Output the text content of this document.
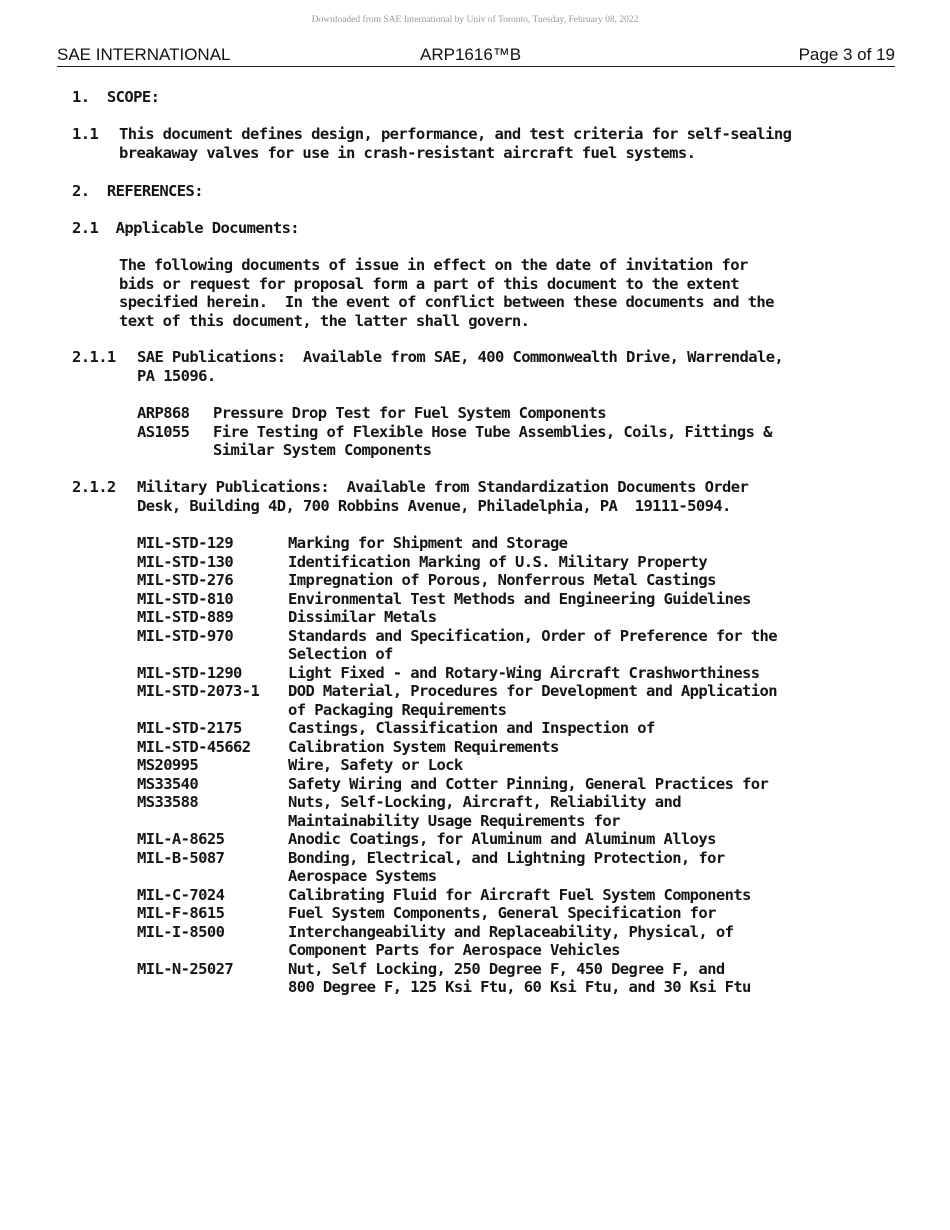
Downloaded from SAE International by Univ of Toronto, Tuesday, February 08, 2022
SAE INTERNATIONAL	ARP1616™B	Page 3 of 19
1.  SCOPE:
1.1 This document defines design, performance, and test criteria for self-sealing
breakaway valves for use in crash-resistant aircraft fuel systems.
2.  REFERENCES:
2.1  Applicable Documents:
The following documents of issue in effect on the date of invitation for
bids or request for proposal form a part of this document to the extent
specified herein.  In the event of conflict between these documents and the
text of this document, the latter shall govern.
2.1.1 SAE Publications:  Available from SAE, 400 Commonwealth Drive, Warrendale,
PA 15096.
ARP868 Pressure Drop Test for Fuel System Components
AS1055 Fire Testing of Flexible Hose Tube Assemblies, Coils, Fittings &
Similar System Components
2.1.2 Military Publications:  Available from Standardization Documents Order
Desk, Building 4D, 700 Robbins Avenue, Philadelphia, PA  19111-5094.
MIL-STD-129	Marking for Shipment and Storage
MIL-STD-130	Identification Marking of U.S. Military Property
MIL-STD-276	Impregnation of Porous, Nonferrous Metal Castings
MIL-STD-810	Environmental Test Methods and Engineering Guidelines
MIL-STD-889	Dissimilar Metals
MIL-STD-970	Standards and Specification, Order of Preference for the
Selection of
MIL-STD-1290	Light Fixed - and Rotary-Wing Aircraft Crashworthiness
MIL-STD-2073-1 DOD Material, Procedures for Development and Application
of Packaging Requirements
MIL-STD-2175	Castings, Classification and Inspection of
MIL-STD-45662 Calibration System Requirements
MS20995	Wire, Safety or Lock
MS33540	Safety Wiring and Cotter Pinning, General Practices for
MS33588	Nuts, Self-Locking, Aircraft, Reliability and
Maintainability Usage Requirements for
MIL-A-8625	Anodic Coatings, for Aluminum and Aluminum Alloys
MIL-B-5087	Bonding, Electrical, and Lightning Protection, for
Aerospace Systems
MIL-C-7024	Calibrating Fluid for Aircraft Fuel System Components
MIL-F-8615	Fuel System Components, General Specification for
MIL-I-8500	Interchangeability and Replaceability, Physical, of
Component Parts for Aerospace Vehicles
MIL-N-25027	Nut, Self Locking, 250 Degree F, 450 Degree F, and
800 Degree F, 125 Ksi Ftu, 60 Ksi Ftu, and 30 Ksi Ftu
